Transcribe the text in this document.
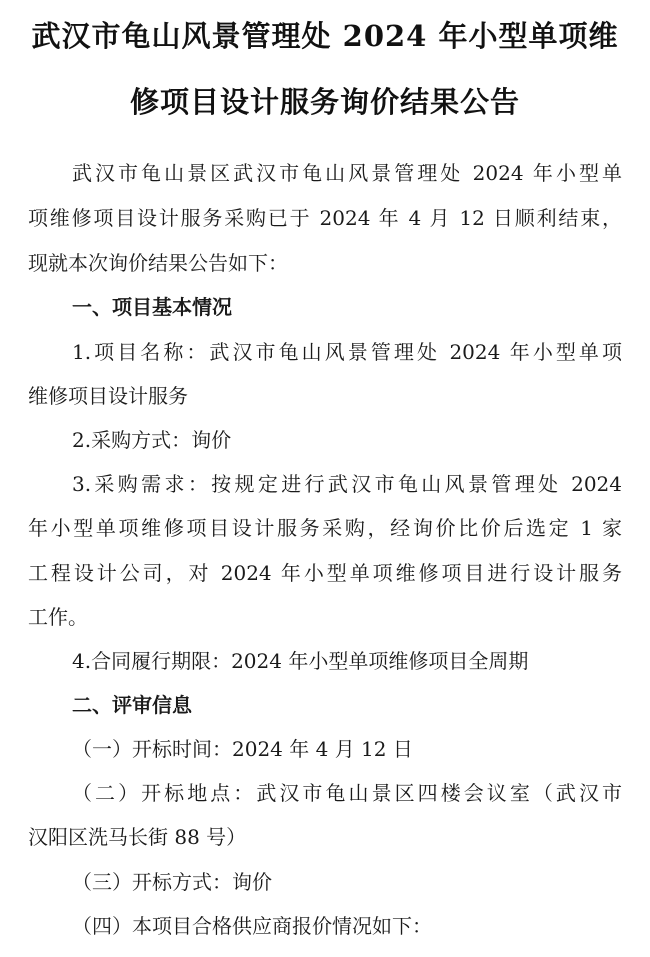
武汉市龟山风景管理处 2024 年小型单项维
修项目设计服务询价结果公告
武汉市龟山景区武汉市龟山风景管理处 2024 年小型单
项维修项目设计服务采购已于 2024 年 4 月 12 日顺利结束，
现就本次询价结果公告如下：
一、项目基本情况
1.项目名称：武汉市龟山风景管理处 2024 年小型单项
维修项目设计服务
2.采购方式：询价
3.采购需求：按规定进行武汉市龟山风景管理处 2024
年小型单项维修项目设计服务采购，经询价比价后选定 1 家
工程设计公司，对 2024 年小型单项维修项目进行设计服务
工作。
4.合同履行期限：2024 年小型单项维修项目全周期
二、评审信息
（一）开标时间：2024 年 4 月 12 日
（二）开标地点：武汉市龟山景区四楼会议室（武汉市
汉阳区洗马长街 88 号）
（三）开标方式：询价
（四）本项目合格供应商报价情况如下：
